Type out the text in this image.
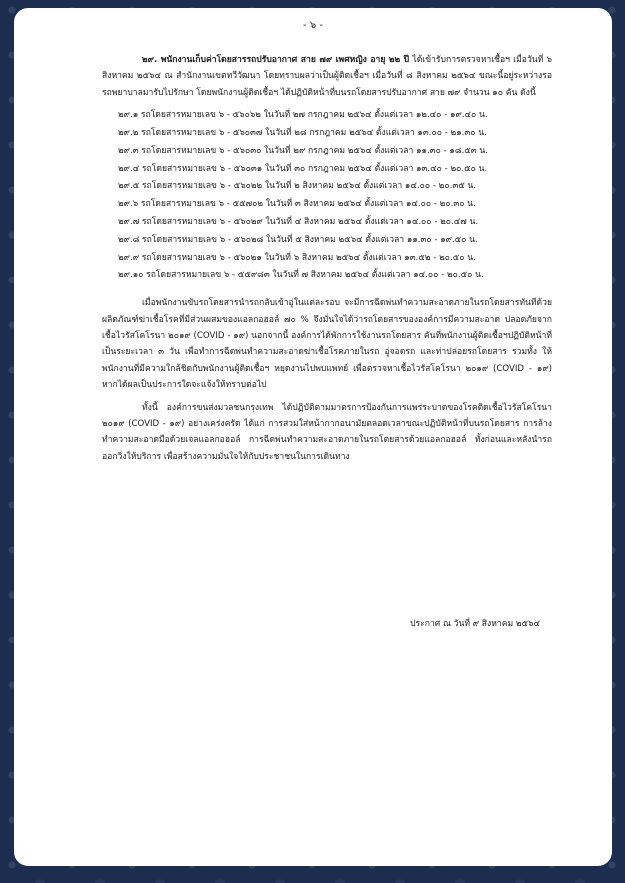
- ๖ -

๒๙. พนักงานเก็บค่าโดยสารรถปรับอากาศ สาย ๗๙ เพศหญิง อายุ ๒๒ ปี ได้เข้ารับการตรวจหาเชื้อฯ เมื่อวันที่ ๖ สิงหาคม ๒๕๖๔ ณ สำนักงานเขตทวีวัฒนา โดยทราบผลว่าเป็นผู้ติดเชื้อฯ เมื่อวันที่ ๘ สิงหาคม ๒๕๖๔ ขณะนี้อยู่ระหว่างรอรถพยาบาลมารับไปรักษา โดยพนักงานผู้ติดเชื้อฯ ได้ปฏิบัติหน้าที่บนรถโดยสารปรับอากาศ สาย ๗๙ จำนวน ๑๐ คัน ดังนี้

๒๙.๑ รถโดยสารหมายเลข ๖ - ๕๖๐๖๒ ในวันที่ ๒๗ กรกฎาคม ๒๕๖๔ ตั้งแต่เวลา ๑๒.๔๐ - ๑๙.๔๐ น.
๒๙.๒ รถโดยสารหมายเลข ๖ - ๕๖๐๓๗ ในวันที่ ๒๘ กรกฎาคม ๒๕๖๔ ตั้งแต่เวลา ๑๓.๐๐ - ๒๑.๓๐ น.
๒๙.๓ รถโดยสารหมายเลข ๖ - ๕๖๐๓๐ ในวันที่ ๒๙ กรกฎาคม ๒๕๖๔ ตั้งแต่เวลา ๑๑.๓๐ - ๑๘.๕๓ น.
๒๙.๔ รถโดยสารหมายเลข ๖ - ๕๖๐๓๑ ในวันที่ ๓๐ กรกฎาคม ๒๕๖๔ ตั้งแต่เวลา ๑๓.๔๐ - ๒๐.๕๐ น.
๒๙.๕ รถโดยสารหมายเลข ๖ - ๕๖๐๒๒ ในวันที่ ๒ สิงหาคม ๒๕๖๔ ตั้งแต่เวลา ๑๔.๐๐ - ๒๐.๓๕ น.
๒๙.๖ รถโดยสารหมายเลข ๖ - ๕๕๗๐๒ ในวันที่ ๓ สิงหาคม ๒๕๖๔ ตั้งแต่เวลา ๑๔.๐๐ - ๒๐.๓๐ น.
๒๙.๗ รถโดยสารหมายเลข ๖ - ๕๖๐๒๙ ในวันที่ ๔ สิงหาคม ๒๕๖๔ ตั้งแต่เวลา ๑๔.๐๐ - ๒๐.๔๗ น.
๒๙.๘ รถโดยสารหมายเลข ๖ - ๕๖๐๒๘ ในวันที่ ๕ สิงหาคม ๒๕๖๔ ตั้งแต่เวลา ๑๑.๓๐ - ๑๙.๕๐ น.
๒๙.๙ รถโดยสารหมายเลข ๖ - ๕๖๐๒๑ ในวันที่ ๖ สิงหาคม ๒๕๖๔ ตั้งแต่เวลา ๑๓.๕๒ - ๒๐.๕๐ น.
๒๙.๑๐ รถโดยสารหมายเลข ๖ - ๕๕๙๘๓ ในวันที่ ๗ สิงหาคม ๒๕๖๔ ตั้งแต่เวลา ๑๔.๐๐ - ๒๐.๕๐ น.

เมื่อพนักงานขับรถโดยสารนำรถกลับเข้าอู่ในแต่ละรอบ จะมีการฉีดพ่นทำความสะอาดภายในรถโดยสารทันทีด้วยผลิตภัณฑ์ฆ่าเชื้อโรคที่มีส่วนผสมของแอลกอฮอล์ ๗๐ % จึงมั่นใจได้ว่ารถโดยสารขององค์การมีความสะอาด ปลอดภัยจากเชื้อไวรัสโคโรนา ๒๐๑๙ (COVID - ๑๙) นอกจากนี้ องค์การได้พักการใช้งานรถโดยสาร คันที่พนักงานผู้ติดเชื้อฯปฏิบัติหน้าที่ เป็นระยะเวลา ๓ วัน เพื่อทำการฉีดพ่นทำความสะอาดฆ่าเชื้อโรคภายในรถ อู่จอดรถ และท่าปล่อยรถโดยสาร รวมทั้ง ให้พนักงานที่มีความใกล้ชิดกับพนักงานผู้ติดเชื้อฯ หยุดงานไปพบแพทย์ เพื่อตรวจหาเชื้อไวรัสโคโรนา ๒๐๑๙ (COVID - ๑๙) หากได้ผลเป็นประการใดจะแจ้งให้ทราบต่อไป

ทั้งนี้ องค์การขนส่งมวลชนกรุงเทพ ได้ปฏิบัติตามมาตรการป้องกันการแพร่ระบาดของโรคติดเชื้อไวรัสโคโรนา ๒๐๑๙ (COVID - ๑๙) อย่างเคร่งครัด ได้แก่ การสวมใส่หน้ากากอนามัยตลอดเวลาขณะปฏิบัติหน้าที่บนรถโดยสาร การล้างทำความสะอาดมือด้วยเจลแอลกอฮอล์ การฉีดพ่นทำความสะอาดภายในรถโดยสารด้วยแอลกอฮอล์ ทั้งก่อนและหลังนำรถออกวิ่งให้บริการ เพื่อสร้างความมั่นใจให้กับประชาชนในการเดินทาง

ประกาศ ณ วันที่ ๙ สิงหาคม ๒๕๖๔
